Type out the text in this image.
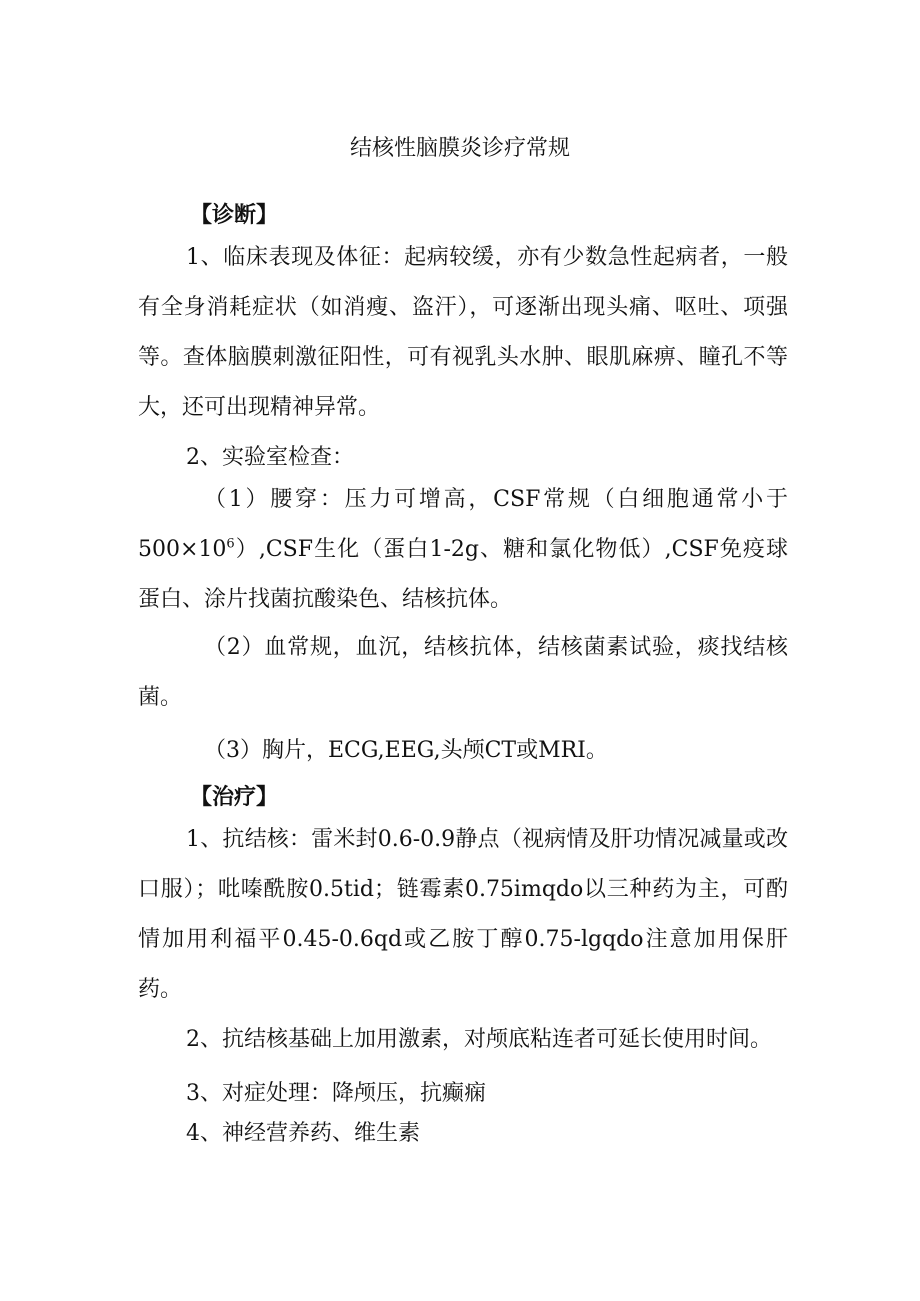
结核性脑膜炎诊疗常规
【诊断】
1、临床表现及体征：起病较缓，亦有少数急性起病者，一般有全身消耗症状（如消瘦、盗汗），可逐渐出现头痛、呕吐、项强等。查体脑膜刺激征阳性，可有视乳头水肿、眼肌麻痹、瞳孔不等大，还可出现精神异常。
2、实验室检查：
（1）腰穿：压力可增高，CSF常规（白细胞通常小于$500\times 10^6),CSF$生化（蛋白1-2g、糖和氯化物低）,CSF免疫球蛋白、涂片找菌抗酸染色、结核抗体。
（2）血常规，血沉，结核抗体，结核菌素试验，痰找结核菌。
（3）胸片，ECG,EEG,头颅CT或MRI。
【治疗】
1、抗结核：雷米封0.6-0.9静点（视病情及肝功情况减量或改口服）；吡嗪酰胺0.5tid；链霉素0.75imqdo以三种药为主，可酌情加用利福平0.45-0.6qd或乙胺丁醇0.75-lgqdo注意加用保肝药。
2、抗结核基础上加用激素，对颅底粘连者可延长使用时间。
3、对症处理：降颅压，抗癫痫
4、神经营养药、维生素
